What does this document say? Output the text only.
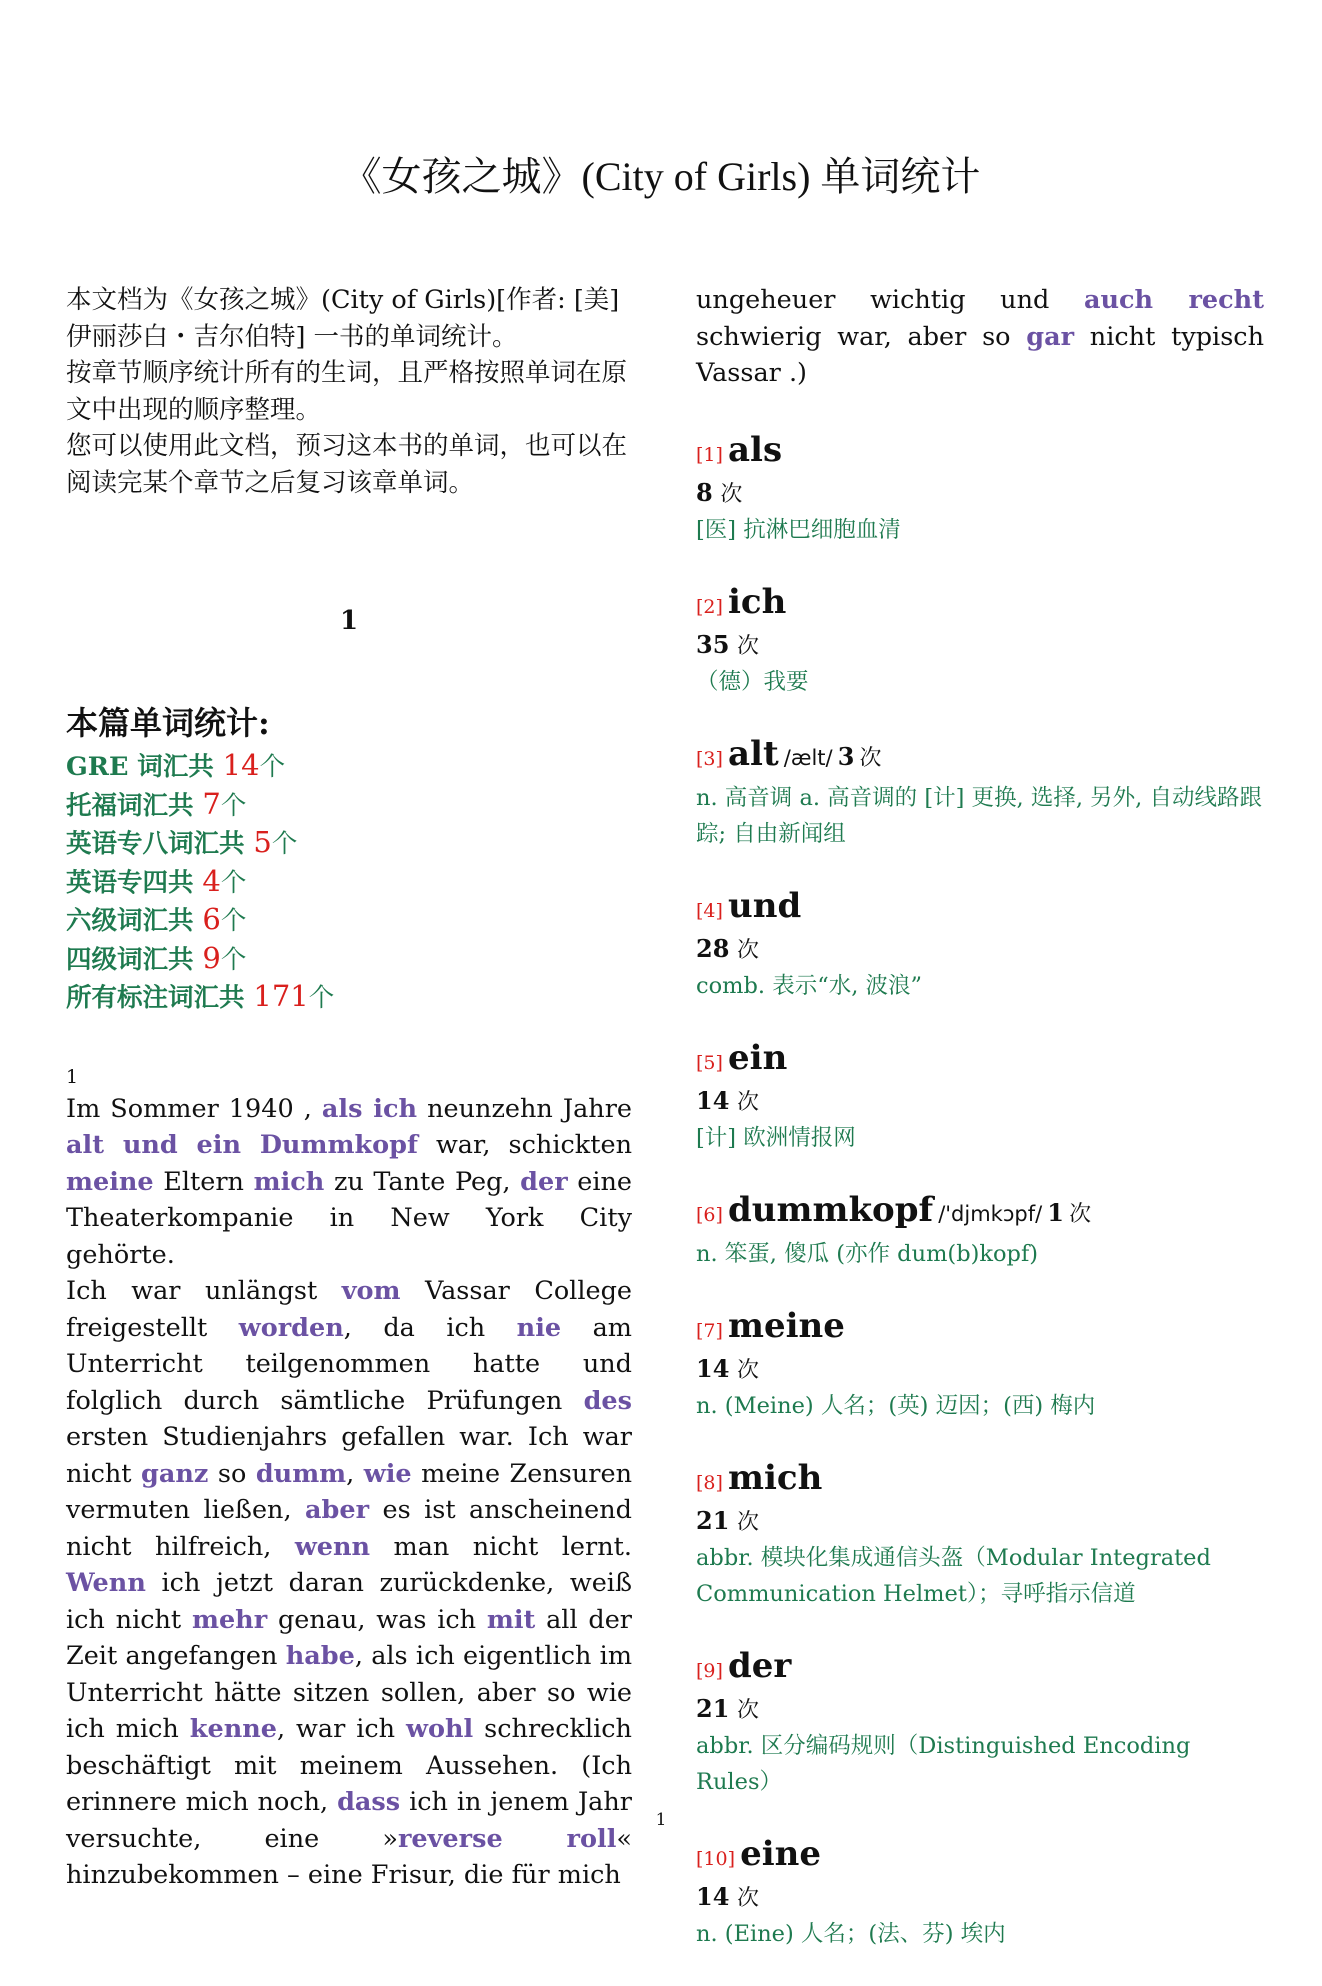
《女孩之城》(City of Girls) 单词统计

本文档为《女孩之城》(City of Girls)[作者: [美] 伊丽莎白・吉尔伯特] 一书的单词统计。

按章节顺序统计所有的生词，且严格按照单词在原文中出现的顺序整理。

您可以使用此文档，预习这本书的单词，也可以在阅读完某个章节之后复习该章单词。

1
本篇单词统计:
GRE 词汇共 14个
托福词汇共 7个
英语专八词汇共 5个
英语专四共 4个
六级词汇共 6个
四级词汇共 9个
所有标注词汇共 171个
1
Im Sommer 1940 , als ich neunzehn Jahre alt und ein Dummkopf war, schickten meine Eltern mich zu Tante Peg, der eine Theaterkompanie in New York City gehörte.
Ich war unlängst vom Vassar College freigestellt worden, da ich nie am Unterricht teilgenommen hatte und folglich durch sämtliche Prüfungen des ersten Studienjahrs gefallen war. Ich war nicht ganz so dumm, wie meine Zensuren vermuten ließen, aber es ist anscheinend nicht hilfreich, wenn man nicht lernt. Wenn ich jetzt daran zurückdenke, weiß ich nicht mehr genau, was ich mit all der Zeit angefangen habe, als ich eigentlich im Unterricht hätte sitzen sollen, aber so wie ich mich kenne, war ich wohl schrecklich beschäftigt mit meinem Aussehen. (Ich erinnere mich noch, dass ich in jenem Jahr versuchte, eine »reverse roll« hinzubekommen – eine Frisur, die für mich

ungeheuer wichtig und auch recht schwierig war, aber so gar nicht typisch Vassar .)

[1] als
8 次
[医] 抗淋巴细胞血清
[2] ich
35 次
（德）我要
[3] alt /ælt/ 3 次
n. 高音调 a. 高音调的 [计] 更换, 选择, 另外, 自动线路跟踪; 自由新闻组
[4] und
28 次
comb. 表示“水, 波浪”
[5] ein
14 次
[计] 欧洲情报网
[6] dummkopf /'djmkɔpf/ 1 次
n. 笨蛋, 傻瓜 (亦作 dum(b)kopf)
[7] meine
14 次
n. (Meine) 人名；(英) 迈因；(西) 梅内
[8] mich
21 次
abbr. 模块化集成通信头盔（Modular Integrated Communication Helmet）；寻呼指示信道
[9] der
21 次
abbr. 区分编码规则（Distinguished Encoding Rules）
[10] eine
14 次
n. (Eine) 人名；(法、芬) 埃内
1
